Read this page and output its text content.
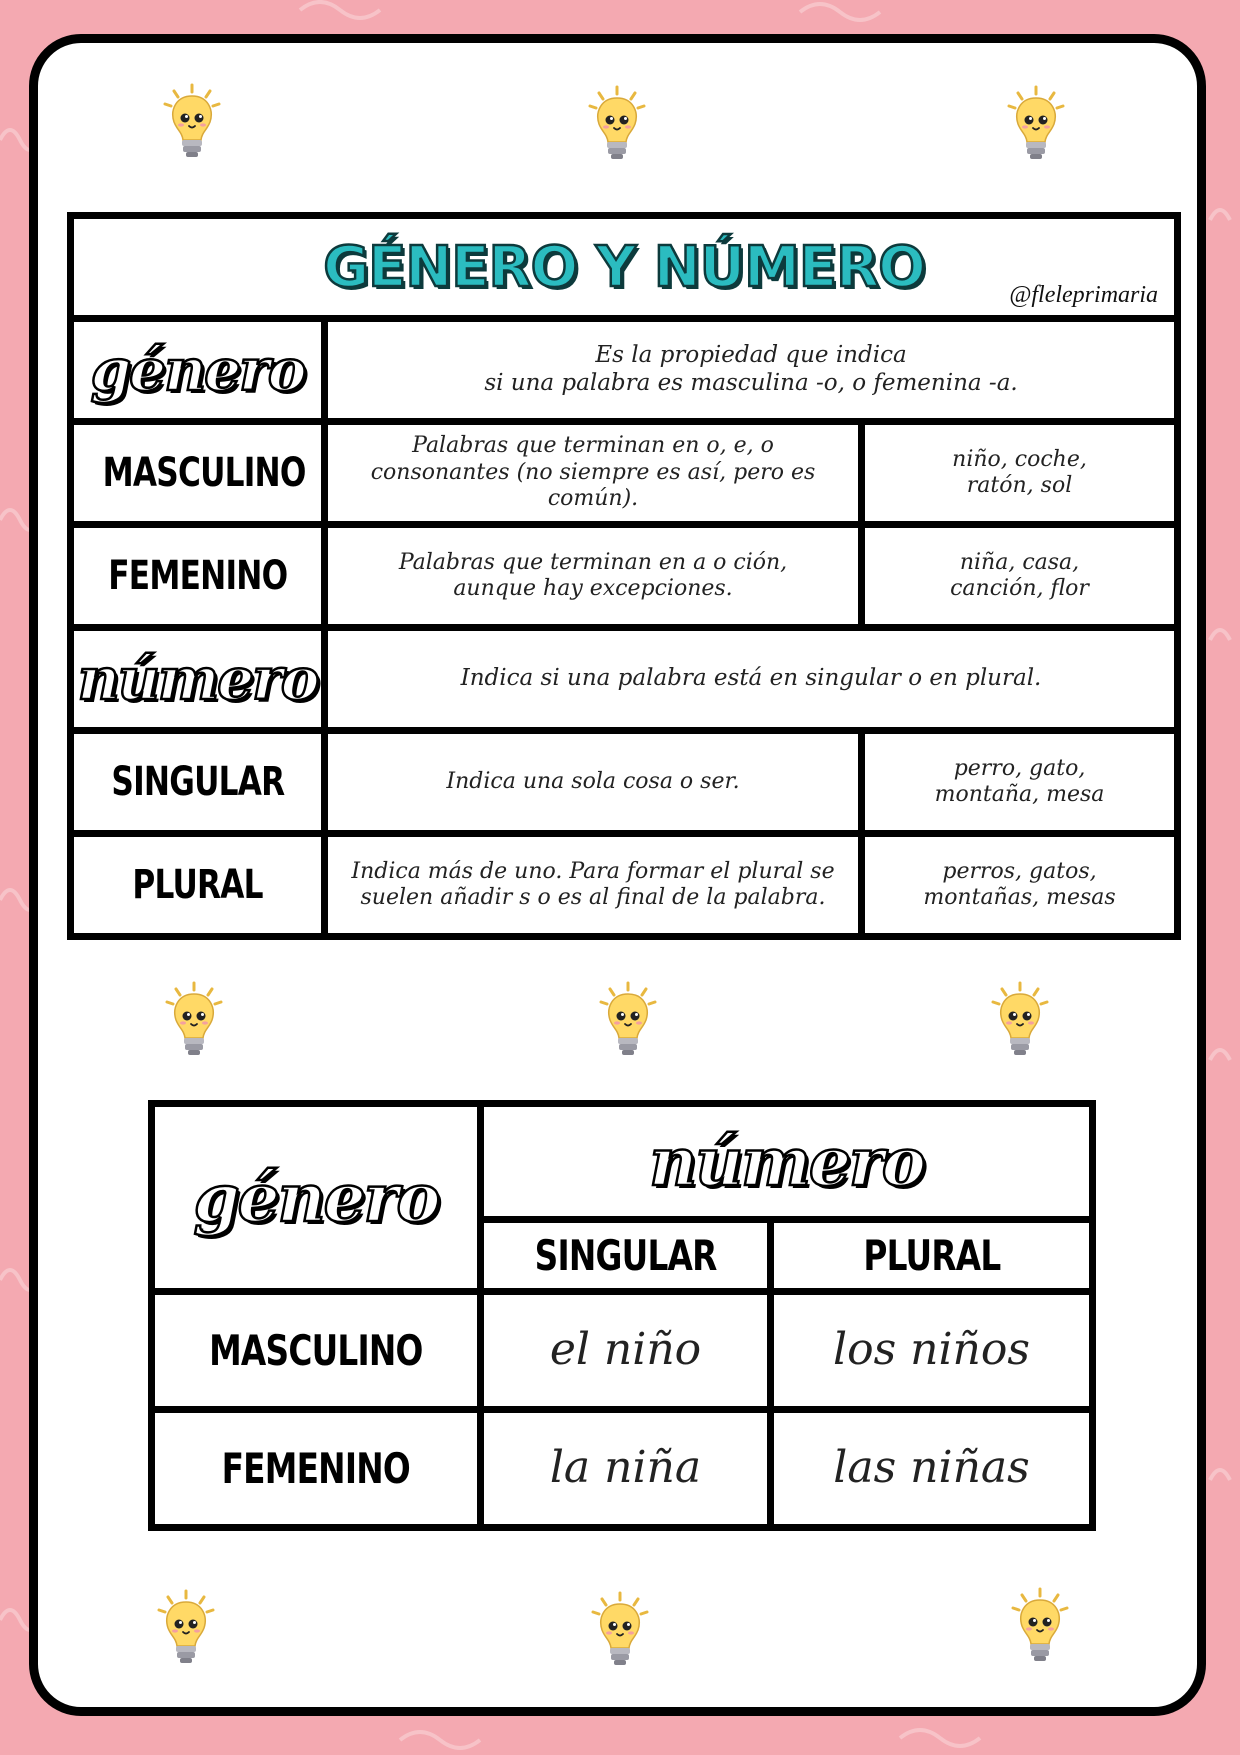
GÉNERO Y NÚMERO @fleleprimaria		

género	Es la propiedad que indica
si una palabra es masculina -o, o femenina -a.	

MASCULINO	Palabras que terminan en o, e, o consonantes (no siempre es así, pero es común).	niño, coche,
ratón, sol

FEMENINO	Palabras que terminan en a o ción, aunque hay excepciones.	niña, casa,
canción, flor

número	Indica si una palabra está en singular o en plural.	
SINGULAR	Indica una sola cosa o ser.	perro, gato,
montaña, mesa

PLURAL	Indica más de uno. Para formar el plural se suelen añadir s o es al final de la palabra.	perros, gatos,
montañas, mesas
género	número	
	SINGULAR	PLURAL
MASCULINO	el niño	los niños
FEMENINO	la niña	las niñas
